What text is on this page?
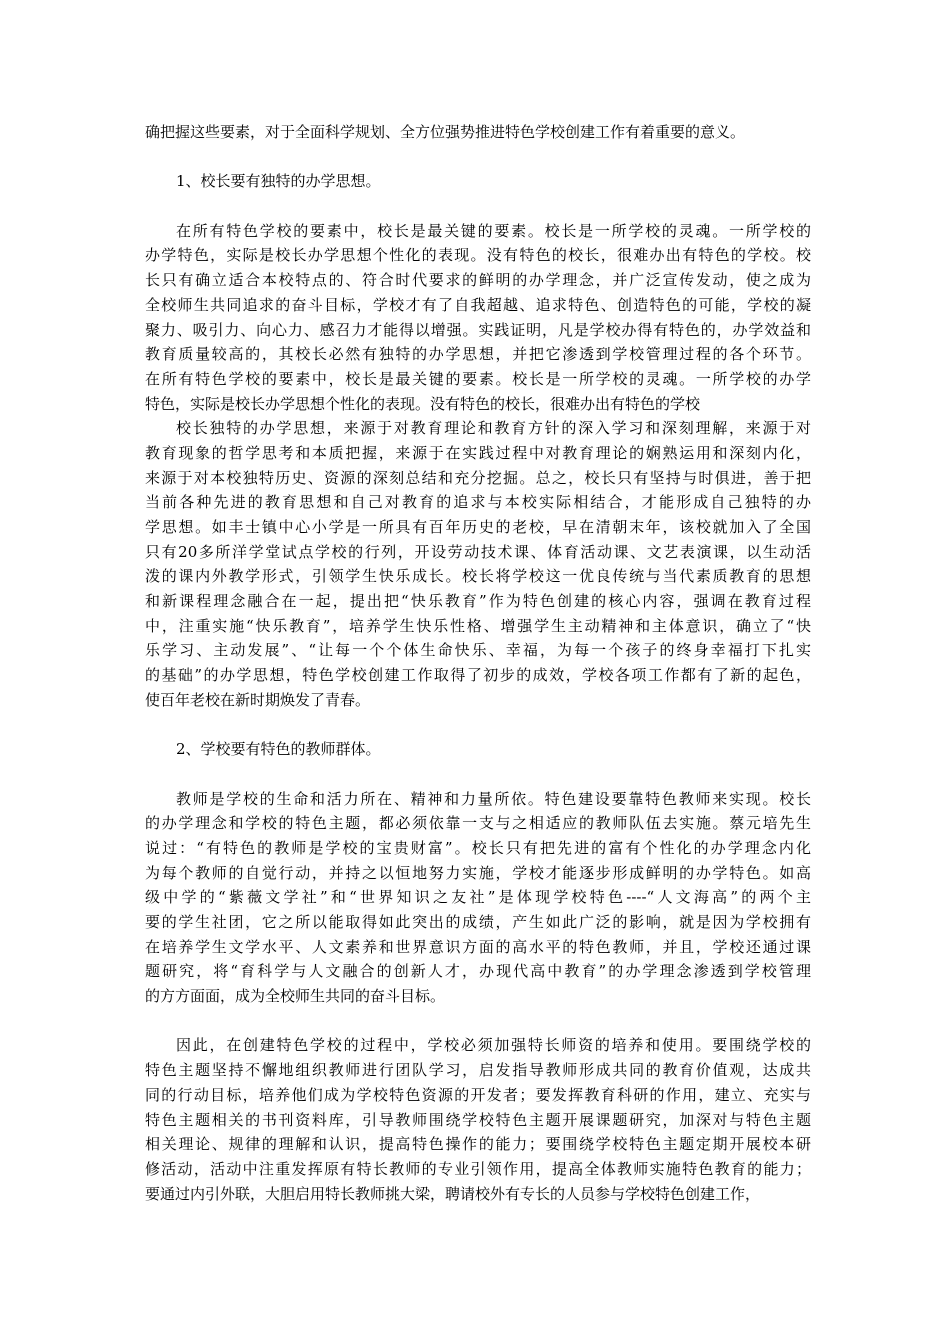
确把握这些要素，对于全面科学规划、全方位强势推进特色学校创建工作有着重要的意义。
1、校长要有独特的办学思想。
在所有特色学校的要素中，校长是最关键的要素。校长是一所学校的灵魂。一所学校的
办学特色，实际是校长办学思想个性化的表现。没有特色的校长，很难办出有特色的学校。校
长只有确立适合本校特点的、符合时代要求的鲜明的办学理念，并广泛宣传发动，使之成为
全校师生共同追求的奋斗目标，学校才有了自我超越、追求特色、创造特色的可能，学校的凝
聚力、吸引力、向心力、感召力才能得以增强。实践证明，凡是学校办得有特色的，办学效益和
教育质量较高的，其校长必然有独特的办学思想，并把它渗透到学校管理过程的各个环节。
在所有特色学校的要素中，校长是最关键的要素。校长是一所学校的灵魂。一所学校的办学
特色，实际是校长办学思想个性化的表现。没有特色的校长，很难办出有特色的学校
校长独特的办学思想，来源于对教育理论和教育方针的深入学习和深刻理解，来源于对
教育现象的哲学思考和本质把握，来源于在实践过程中对教育理论的娴熟运用和深刻内化，
来源于对本校独特历史、资源的深刻总结和充分挖掘。总之，校长只有坚持与时俱进，善于把
当前各种先进的教育思想和自己对教育的追求与本校实际相结合，才能形成自己独特的办
学思想。如丰士镇中心小学是一所具有百年历史的老校，早在清朝末年，该校就加入了全国
只有20多所洋学堂试点学校的行列，开设劳动技术课、体育活动课、文艺表演课，以生动活
泼的课内外教学形式，引领学生快乐成长。校长将学校这一优良传统与当代素质教育的思想
和新课程理念融合在一起，提出把“快乐教育”作为特色创建的核心内容，强调在教育过程
中，注重实施“快乐教育”，培养学生快乐性格、增强学生主动精神和主体意识，确立了“快
乐学习、主动发展”、“让每一个个体生命快乐、幸福，为每一个孩子的终身幸福打下扎实
的基础”的办学思想，特色学校创建工作取得了初步的成效，学校各项工作都有了新的起色，
使百年老校在新时期焕发了青春。
2、学校要有特色的教师群体。
教师是学校的生命和活力所在、精神和力量所依。特色建设要靠特色教师来实现。校长
的办学理念和学校的特色主题，都必须依靠一支与之相适应的教师队伍去实施。蔡元培先生
说过：“有特色的教师是学校的宝贵财富”。校长只有把先进的富有个性化的办学理念内化
为每个教师的自觉行动，并持之以恒地努力实施，学校才能逐步形成鲜明的办学特色。如高
级中学的“紫薇文学社”和“世界知识之友社”是体现学校特色----“人文海高”的两个主
要的学生社团，它之所以能取得如此突出的成绩，产生如此广泛的影响，就是因为学校拥有
在培养学生文学水平、人文素养和世界意识方面的高水平的特色教师，并且，学校还通过课
题研究，将“育科学与人文融合的创新人才，办现代高中教育”的办学理念渗透到学校管理
的方方面面，成为全校师生共同的奋斗目标。
因此，在创建特色学校的过程中，学校必须加强特长师资的培养和使用。要围绕学校的
特色主题坚持不懈地组织教师进行团队学习，启发指导教师形成共同的教育价值观，达成共
同的行动目标，培养他们成为学校特色资源的开发者；要发挥教育科研的作用，建立、充实与
特色主题相关的书刊资料库，引导教师围绕学校特色主题开展课题研究，加深对与特色主题
相关理论、规律的理解和认识，提高特色操作的能力；要围绕学校特色主题定期开展校本研
修活动，活动中注重发挥原有特长教师的专业引领作用，提高全体教师实施特色教育的能力；
要通过内引外联，大胆启用特长教师挑大梁，聘请校外有专长的人员参与学校特色创建工作，
